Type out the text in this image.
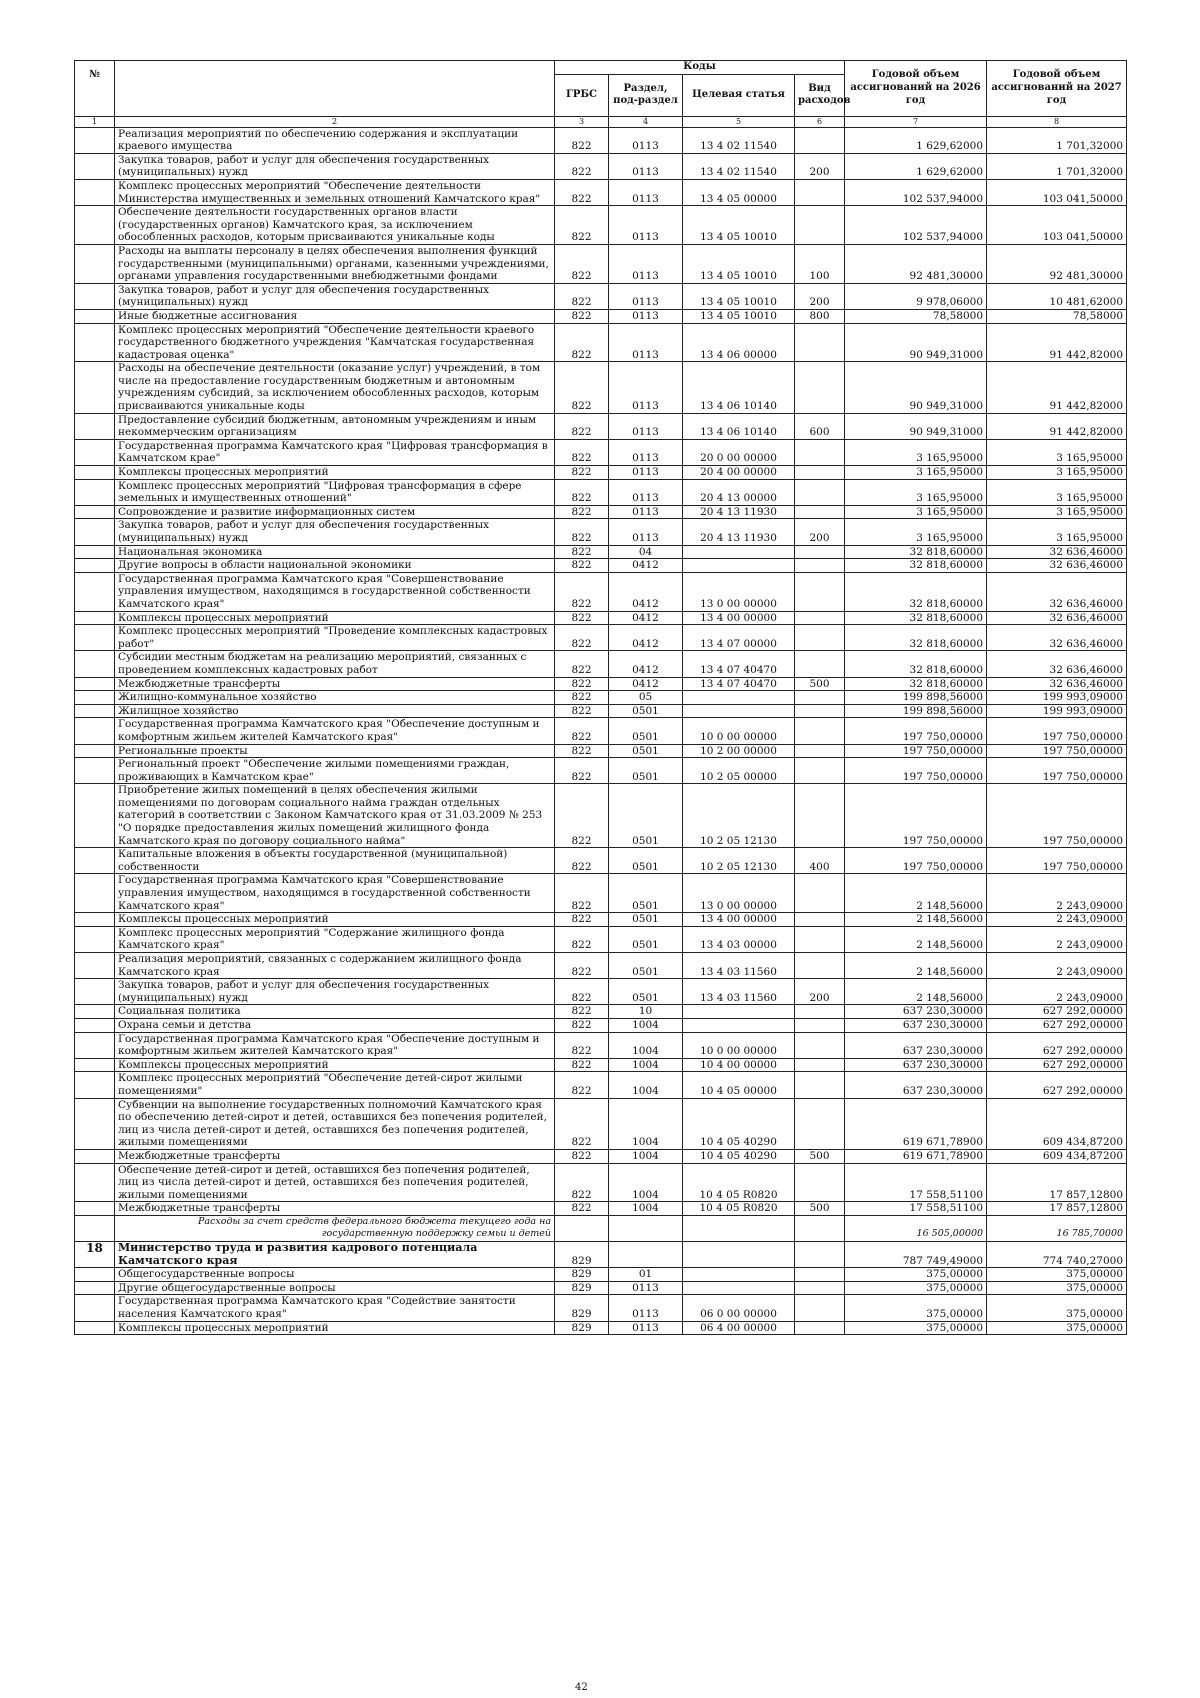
№		Коды				Годовой объем ассигнований на 2026 год	Годовой объем ассигнований на 2027 год
		ГРБС	Раздел, под-раздел	Целевая статья	Вид расходов		
1	2	3	4	5	6	7	8
	Реализация мероприятий по обеспечению содержания и эксплуатации краевого имущества	822	0113	13 4 02 11540		1 629,62000	1 701,32000
	Закупка товаров, работ и услуг для обеспечения государственных (муниципальных) нужд	822	0113	13 4 02 11540	200	1 629,62000	1 701,32000
	Комплекс процессных мероприятий "Обеспечение деятельности Министерства имущественных и земельных отношений Камчатского края"	822	0113	13 4 05 00000		102 537,94000	103 041,50000
	Обеспечение деятельности государственных органов власти (государственных органов) Камчатского края, за исключением обособленных расходов, которым присваиваются уникальные коды	822	0113	13 4 05 10010		102 537,94000	103 041,50000
	Расходы на выплаты персоналу в целях обеспечения выполнения функций государственными (муниципальными) органами, казенными учреждениями, органами управления государственными внебюджетными фондами	822	0113	13 4 05 10010	100	92 481,30000	92 481,30000
	Закупка товаров, работ и услуг для обеспечения государственных (муниципальных) нужд	822	0113	13 4 05 10010	200	9 978,06000	10 481,62000
	Иные бюджетные ассигнования	822	0113	13 4 05 10010	800	78,58000	78,58000
	Комплекс процессных мероприятий "Обеспечение деятельности краевого государственного бюджетного учреждения "Камчатская государственная кадастровая оценка"	822	0113	13 4 06 00000		90 949,31000	91 442,82000
	Расходы на обеспечение деятельности (оказание услуг) учреждений, в том числе на предоставление государственным бюджетным и автономным учреждениям субсидий, за исключением обособленных расходов, которым присваиваются уникальные коды	822	0113	13 4 06 10140		90 949,31000	91 442,82000
	Предоставление субсидий бюджетным, автономным учреждениям и иным некоммерческим организациям	822	0113	13 4 06 10140	600	90 949,31000	91 442,82000
	Государственная программа Камчатского края "Цифровая трансформация в Камчатском крае"	822	0113	20 0 00 00000		3 165,95000	3 165,95000
	Комплексы процессных мероприятий	822	0113	20 4 00 00000		3 165,95000	3 165,95000
	Комплекс процессных мероприятий "Цифровая трансформация в сфере земельных и имущественных отношений"	822	0113	20 4 13 00000		3 165,95000	3 165,95000
	Сопровождение и развитие информационных систем	822	0113	20 4 13 11930		3 165,95000	3 165,95000
	Закупка товаров, работ и услуг для обеспечения государственных (муниципальных) нужд	822	0113	20 4 13 11930	200	3 165,95000	3 165,95000
	Национальная экономика	822	04			32 818,60000	32 636,46000
	Другие вопросы в области национальной экономики	822	0412			32 818,60000	32 636,46000
	Государственная программа Камчатского края "Совершенствование управления имуществом, находящимся в государственной собственности Камчатского края"	822	0412	13 0 00 00000		32 818,60000	32 636,46000
	Комплексы процессных мероприятий	822	0412	13 4 00 00000		32 818,60000	32 636,46000
	Комплекс процессных мероприятий "Проведение комплексных кадастровых работ"	822	0412	13 4 07 00000		32 818,60000	32 636,46000
	Субсидии местным бюджетам на реализацию мероприятий, связанных с проведением комплексных кадастровых работ	822	0412	13 4 07 40470		32 818,60000	32 636,46000
	Межбюджетные трансферты	822	0412	13 4 07 40470	500	32 818,60000	32 636,46000
	Жилищно-коммунальное хозяйство	822	05			199 898,56000	199 993,09000
	Жилищное хозяйство	822	0501			199 898,56000	199 993,09000
	Государственная программа Камчатского края "Обеспечение доступным и комфортным жильем жителей Камчатского края"	822	0501	10 0 00 00000		197 750,00000	197 750,00000
	Региональные проекты	822	0501	10 2 00 00000		197 750,00000	197 750,00000
	Региональный проект "Обеспечение жилыми помещениями граждан, проживающих в Камчатском крае"	822	0501	10 2 05 00000		197 750,00000	197 750,00000
	Приобретение жилых помещений в целях обеспечения жилыми помещениями по договорам социального найма граждан отдельных категорий в соответствии с Законом Камчатского края от 31.03.2009 № 253 "О порядке предоставления жилых помещений жилищного фонда Камчатского края по договору социального найма"	822	0501	10 2 05 12130		197 750,00000	197 750,00000
	Капитальные вложения в объекты государственной (муниципальной) собственности	822	0501	10 2 05 12130	400	197 750,00000	197 750,00000
	Государственная программа Камчатского края "Совершенствование управления имуществом, находящимся в государственной собственности Камчатского края"	822	0501	13 0 00 00000		2 148,56000	2 243,09000
	Комплексы процессных мероприятий	822	0501	13 4 00 00000		2 148,56000	2 243,09000
	Комплекс процессных мероприятий "Содержание жилищного фонда Камчатского края"	822	0501	13 4 03 00000		2 148,56000	2 243,09000
	Реализация мероприятий, связанных с содержанием жилищного фонда Камчатского края	822	0501	13 4 03 11560		2 148,56000	2 243,09000
	Закупка товаров, работ и услуг для обеспечения государственных (муниципальных) нужд	822	0501	13 4 03 11560	200	2 148,56000	2 243,09000
	Социальная политика	822	10			637 230,30000	627 292,00000
	Охрана семьи и детства	822	1004			637 230,30000	627 292,00000
	Государственная программа Камчатского края "Обеспечение доступным и комфортным жильем жителей Камчатского края"	822	1004	10 0 00 00000		637 230,30000	627 292,00000
	Комплексы процессных мероприятий	822	1004	10 4 00 00000		637 230,30000	627 292,00000
	Комплекс процессных мероприятий "Обеспечение детей-сирот жилыми помещениями"	822	1004	10 4 05 00000		637 230,30000	627 292,00000
	Субвенции на выполнение государственных полномочий Камчатского края по обеспечению детей-сирот и детей, оставшихся без попечения родителей, лиц из числа детей-сирот и детей, оставшихся без попечения родителей, жилыми помещениями	822	1004	10 4 05 40290		619 671,78900	609 434,87200
	Межбюджетные трансферты	822	1004	10 4 05 40290	500	619 671,78900	609 434,87200
	Обеспечение детей-сирот и детей, оставшихся без попечения родителей, лиц из числа детей-сирот и детей, оставшихся без попечения родителей, жилыми помещениями	822	1004	10 4 05 R0820		17 558,51100	17 857,12800
	Межбюджетные трансферты	822	1004	10 4 05 R0820	500	17 558,51100	17 857,12800
	Расходы за счет средств федерального бюджета текущего года на государственную поддержку семьи и детей					16 505,00000	16 785,70000
18	Министерство труда и развития кадрового потенциала Камчатского края	829				787 749,49000	774 740,27000
	Общегосударственные вопросы	829	01			375,00000	375,00000
	Другие общегосударственные вопросы	829	0113			375,00000	375,00000
	Государственная программа Камчатского края "Содействие занятости населения Камчатского края"	829	0113	06 0 00 00000		375,00000	375,00000
	Комплексы процессных мероприятий	829	0113	06 4 00 00000		375,00000	375,00000
42
